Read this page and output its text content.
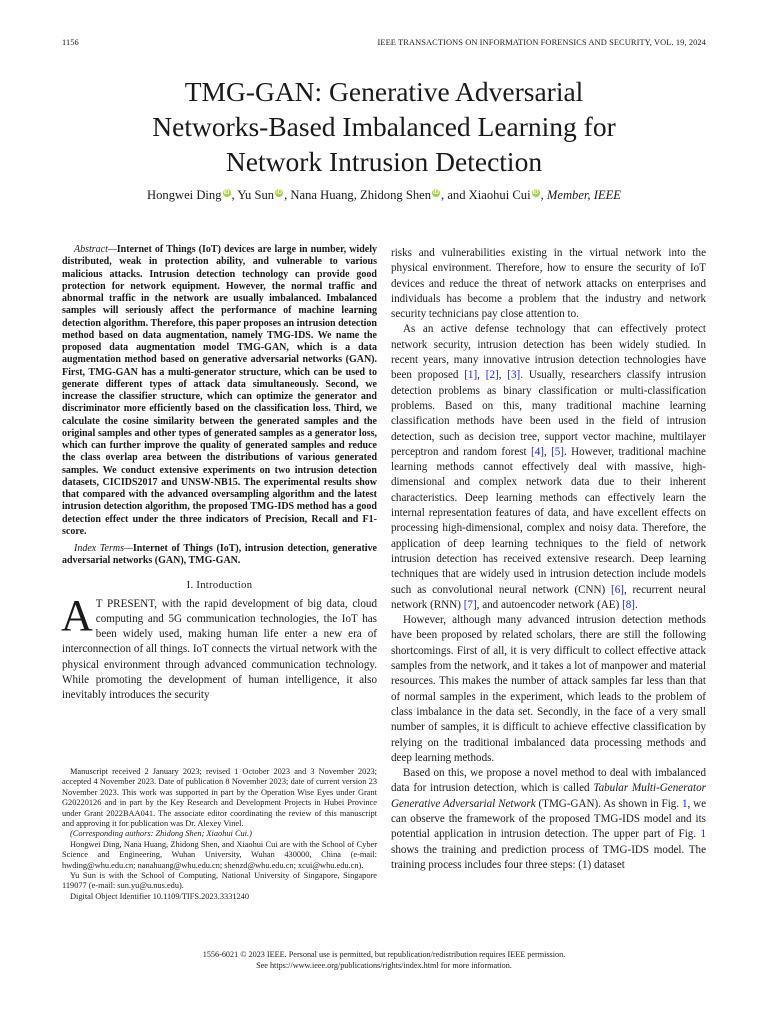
1156	IEEE TRANSACTIONS ON INFORMATION FORENSICS AND SECURITY, VOL. 19, 2024
TMG-GAN: Generative Adversarial
Networks-Based Imbalanced Learning for
Network Intrusion Detection
Hongwei Ding iD , Yu Sun iD , Nana Huang, Zhidong Shen iD , and Xiaohui Cui iD , Member, IEEE

Abstract—Internet of Things (IoT) devices are large in number, widely distributed, weak in protection ability, and vulnerable to various malicious attacks. Intrusion detection technology can provide good protection for network equipment. However, the normal traffic and abnormal traffic in the network are usually imbalanced. Imbalanced samples will seriously affect the performance of machine learning detection algorithm. Therefore, this paper proposes an intrusion detection method based on data augmentation, namely TMG-IDS. We name the proposed data augmentation model TMG-GAN, which is a data augmentation method based on generative adversarial networks (GAN). First, TMG-GAN has a multi-generator structure, which can be used to generate different types of attack data simultaneously. Second, we increase the classifier structure, which can optimize the generator and discriminator more efficiently based on the classification loss. Third, we calculate the cosine similarity between the generated samples and the original samples and other types of generated samples as a generator loss, which can further improve the quality of generated samples and reduce the class overlap area between the distributions of various generated samples. We conduct extensive experiments on two intrusion detection datasets, CICIDS2017 and UNSW-NB15. The experimental results show that compared with the advanced oversampling algorithm and the latest intrusion detection algorithm, the proposed TMG-IDS method has a good detection effect under the three indicators of Precision, Recall and F1-score.

Index Terms—Internet of Things (IoT), intrusion detection, generative adversarial networks (GAN), TMG-GAN.

I. Introduction

A T PRESENT, with the rapid development of big data, cloud computing and 5G communication technologies, the IoT has been widely used, making human life enter a new era of interconnection of all things. IoT connects the virtual network with the physical environment through advanced communication technology. While promoting the development of human intelligence, it also inevitably introduces the security

Manuscript received 2 January 2023; revised 1 October 2023 and 3 November 2023; accepted 4 November 2023. Date of publication 8 November 2023; date of current version 23 November 2023. This work was supported in part by the Operation Wise Eyes under Grant G20220126 and in part by the Key Research and Development Projects in Hubei Province under Grant 2022BAA041. The associate editor coordinating the review of this manuscript and approving it for publication was Dr. Alexey Vinel.

(Corresponding authors: Zhidong Shen; Xiaohui Cui.)

Hongwei Ding, Nana Huang, Zhidong Shen, and Xiaohui Cui are with the School of Cyber Science and Engineering, Wuhan University, Wuhan 430000, China (e-mail: hwding@whu.edu.cn; nanahuang@whu.edu.cn; shenzd@whu.edu.cn; xcui@whu.edu.cn).

Yu Sun is with the School of Computing, National University of Singapore, Singapore 119077 (e-mail: sun.yu@u.nus.edu).

Digital Object Identifier 10.1109/TIFS.2023.3331240

risks and vulnerabilities existing in the virtual network into the physical environment. Therefore, how to ensure the security of IoT devices and reduce the threat of network attacks on enterprises and individuals has become a problem that the industry and network security technicians pay close attention to.

As an active defense technology that can effectively protect network security, intrusion detection has been widely studied. In recent years, many innovative intrusion detection technologies have been proposed [1], [2], [3]. Usually, researchers classify intrusion detection problems as binary classification or multi-classification problems. Based on this, many traditional machine learning classification methods have been used in the field of intrusion detection, such as decision tree, support vector machine, multilayer perceptron and random forest [4], [5]. However, traditional machine learning methods cannot effectively deal with massive, high-dimensional and complex network data due to their inherent characteristics. Deep learning methods can effectively learn the internal representation features of data, and have excellent effects on processing high-dimensional, complex and noisy data. Therefore, the application of deep learning techniques to the field of network intrusion detection has received extensive research. Deep learning techniques that are widely used in intrusion detection include models such as convolutional neural network (CNN) [6], recurrent neural network (RNN) [7], and autoencoder network (AE) [8].

However, although many advanced intrusion detection methods have been proposed by related scholars, there are still the following shortcomings. First of all, it is very difficult to collect effective attack samples from the network, and it takes a lot of manpower and material resources. This makes the number of attack samples far less than that of normal samples in the experiment, which leads to the problem of class imbalance in the data set. Secondly, in the face of a very small number of samples, it is difficult to achieve effective classification by relying on the traditional imbalanced data processing methods and deep learning methods.

Based on this, we propose a novel method to deal with imbalanced data for intrusion detection, which is called Tabular Multi-Generator Generative Adversarial Network (TMG-GAN). As shown in Fig. 1, we can observe the framework of the proposed TMG-IDS model and its potential application in intrusion detection. The upper part of Fig. 1 shows the training and prediction process of TMG-IDS model. The training process includes four three steps: (1) dataset

1556-6021 © 2023 IEEE. Personal use is permitted, but republication/redistribution requires IEEE permission.
See https://www.ieee.org/publications/rights/index.html for more information.
